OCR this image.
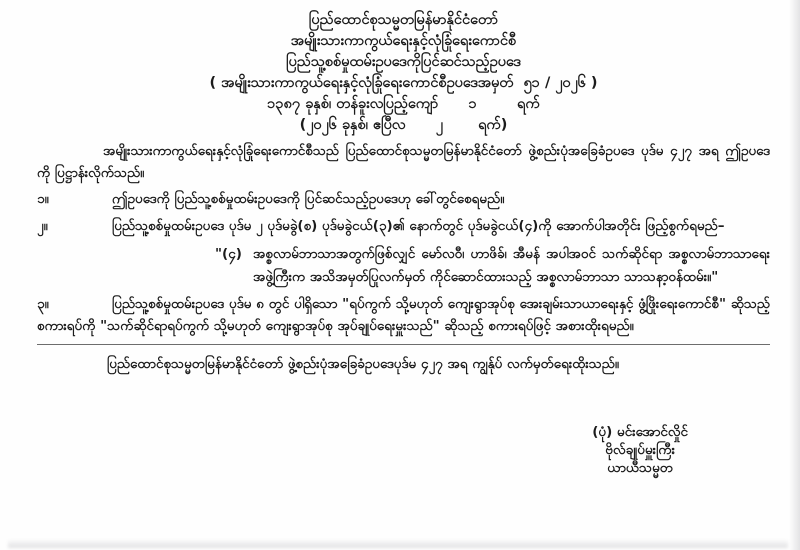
ပြည်ထောင်စုသမ္မတမြန်မာနိုင်ငံတော်
အမျိုးသားကာကွယ်ရေးနှင့်လုံခြုံရေးကောင်စီ
ပြည်သူ့စစ်မှုထမ်းဥပဒေကိုပြင်ဆင်သည့်ဥပဒေ
( အမျိုးသားကာကွယ်ရေးနှင့်လုံခြုံရေးကောင်စီဥပဒေအမှတ်  ၅၁ / ၂၀၂၆ )
၁၃၈၇ ခုနှစ်၊ တန်ခူးလပြည့်ကျော်      ၁        ရက်
(၂၀၂၆ ခုနှစ်၊ ဧပြီလ      ၂       ရက်)

အမျိုးသားကာကွယ်ရေးနှင့်လုံခြုံရေးကောင်စီသည် ပြည်ထောင်စုသမ္မတမြန်မာနိုင်ငံတော် ဖွဲ့စည်းပုံအခြေခံဥပဒေ ပုဒ်မ ၄၂၇ အရ ဤဥပဒေကို ပြဋ္ဌာန်းလိုက်သည်။

၁။	ဤဥပဒေကို ပြည်သူ့စစ်မှုထမ်းဥပဒေကို ပြင်ဆင်သည့်ဥပဒေဟု ခေါ်တွင်စေရမည်။

၂။	ပြည်သူ့စစ်မှုထမ်းဥပဒေ ပုဒ်မ ၂ ပုဒ်မခွဲ(စ) ပုဒ်မခွဲငယ်(၃)၏ နောက်တွင် ပုဒ်မခွဲငယ်(၄)ကို အောက်ပါအတိုင်း ဖြည့်စွက်ရမည်–

"(၄) အစ္စလာမ်ဘာသာအတွက်ဖြစ်လျှင် မော်လဝီ၊ ဟာဖိခ်၊ အီမန် အပါအဝင် သက်ဆိုင်ရာ အစ္စလာမ်ဘာသာရေးအဖွဲ့ကြီးက အသိအမှတ်ပြုလက်မှတ် ကိုင်ဆောင်ထားသည့် အစ္စလာမ်ဘာသာ သာသနာ့ဝန်ထမ်း။"

၃။	ပြည်သူ့စစ်မှုထမ်းဥပဒေ ပုဒ်မ ၈ တွင် ပါရှိသော "ရပ်ကွက် သို့မဟုတ် ကျေးရွာအုပ်စု အေးချမ်းသာယာရေးနှင့် ဖွံ့ဖြိုးရေးကောင်စီ" ဆိုသည့်စကားရပ်ကို "သက်ဆိုင်ရာရပ်ကွက် သို့မဟုတ် ကျေးရွာအုပ်စု အုပ်ချုပ်ရေးမှူးသည်" ဆိုသည့် စကားရပ်ဖြင့် အစားထိုးရမည်။

ပြည်ထောင်စုသမ္မတမြန်မာနိုင်ငံတော် ဖွဲ့စည်းပုံအခြေခံဥပဒေပုဒ်မ ၄၂၇ အရ ကျွန်ုပ် လက်မှတ်ရေးထိုးသည်။

(ပုံ) မင်းအောင်လှိုင်
ဗိုလ်ချုပ်မှူးကြီး
ယာယီသမ္မတ
